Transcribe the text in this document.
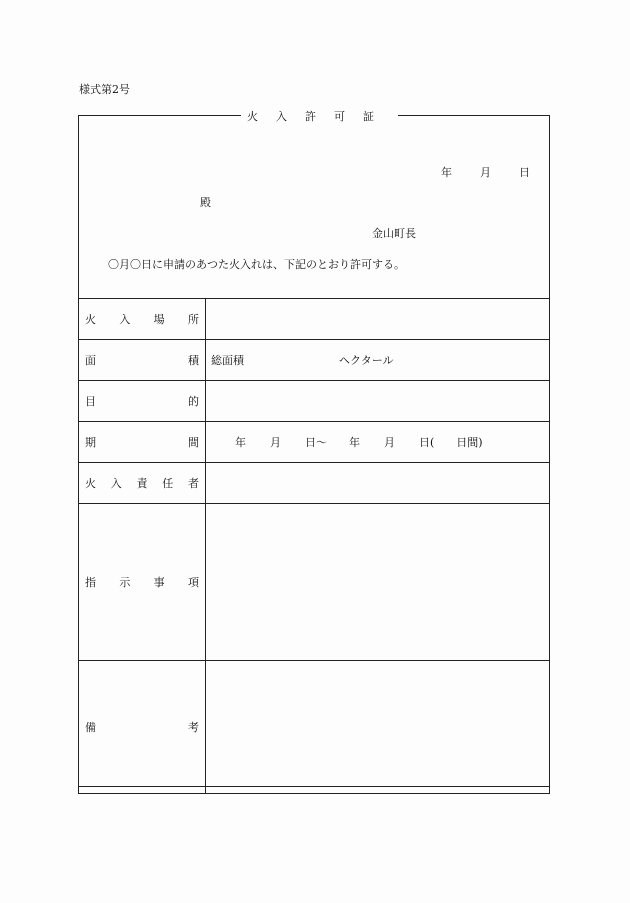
様式第2号
火入許可証
年	月	日
殿
金山町長
〇月〇日に申請のあつた火入れは、下記のとおり許可する。
火 入 場 所	

面 積	総面積 ヘクタール

目 的	

期 間	年 月 日〜 年 月 日( 日間)

火 入 責 任 者	

指 示 事 項	

備 考	
